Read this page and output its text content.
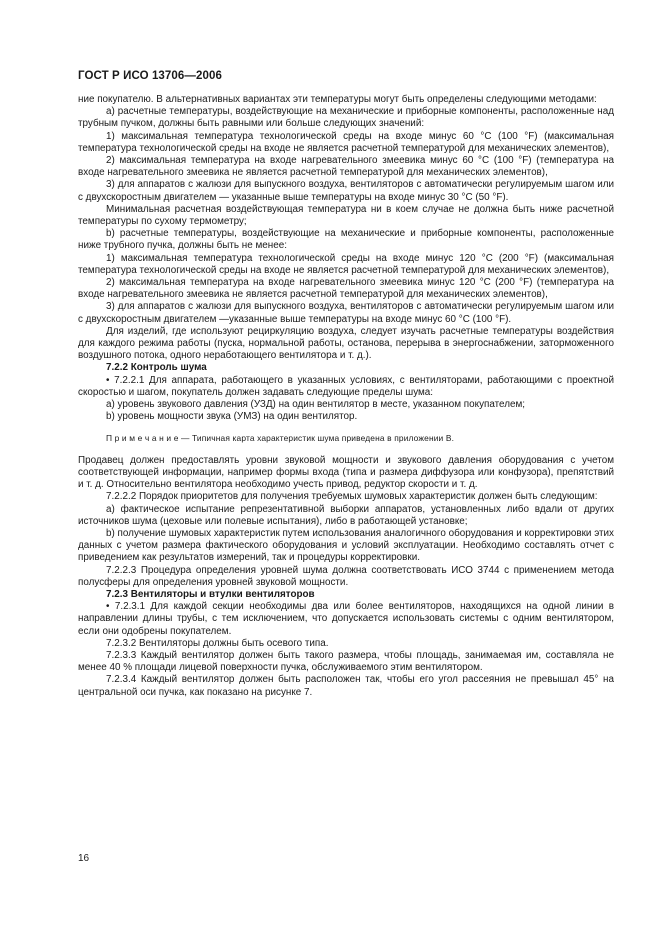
ГОСТ Р ИСО 13706—2006

ние покупателю. В альтернативных вариантах эти температуры могут быть определены следующими методами:

а) расчетные температуры, воздействующие на механические и приборные компоненты, расположенные над трубным пучком, должны быть равными или больше следующих значений:

1) максимальная температура технологической среды на входе минус 60 °С (100 °F) (максимальная температура технологической среды на входе не является расчетной температурой для механических элементов),

2) максимальная температура на входе нагревательного змеевика минус 60 °С (100 °F) (температура на входе нагревательного змеевика не является расчетной температурой для механических элементов),

3) для аппаратов с жалюзи для выпускного воздуха, вентиляторов с автоматически регулируемым шагом или с двухскоростным двигателем — указанные выше температуры на входе минус 30 °С (50 °F).

Минимальная расчетная воздействующая температура ни в коем случае не должна быть ниже расчетной температуры по сухому термометру;

b) расчетные температуры, воздействующие на механические и приборные компоненты, расположенные ниже трубного пучка, должны быть не менее:

1) максимальная температура технологической среды на входе минус 120 °С (200 °F) (максимальная температура технологической среды на входе не является расчетной температурой для механических элементов),

2) максимальная температура на входе нагревательного змеевика минус 120 °С (200 °F) (температура на входе нагревательного змеевика не является расчетной температурой для механических элементов),

3) для аппаратов с жалюзи для выпускного воздуха, вентиляторов с автоматически регулируемым шагом или с двухскоростным двигателем —указанные выше температуры на входе минус 60 °С (100 °F).

Для изделий, где используют рециркуляцию воздуха, следует изучать расчетные температуры воздействия для каждого режима работы (пуска, нормальной работы, останова, перерыва в энергоснабжении, заторможенного воздушного потока, одного неработающего вентилятора и т. д.).

7.2.2 Контроль шума

• 7.2.2.1 Для аппарата, работающего в указанных условиях, с вентиляторами, работающими с проектной скоростью и шагом, покупатель должен задавать следующие пределы шума:

а) уровень звукового давления (УЗД) на один вентилятор в месте, указанном покупателем;

b) уровень мощности звука (УМЗ) на один вентилятор.

П р и м е ч а н и е — Типичная карта характеристик шума приведена в приложении В.

Продавец должен предоставлять уровни звуковой мощности и звукового давления оборудования с учетом соответствующей информации, например формы входа (типа и размера диффузора или конфузора), препятствий и т. д. Относительно вентилятора необходимо учесть привод, редуктор скорости и т. д.

7.2.2.2 Порядок приоритетов для получения требуемых шумовых характеристик должен быть следующим:

а) фактическое испытание репрезентативной выборки аппаратов, установленных либо вдали от других источников шума (цеховые или полевые испытания), либо в работающей установке;

b) получение шумовых характеристик путем использования аналогичного оборудования и корректировки этих данных с учетом размера фактического оборудования и условий эксплуатации. Необходимо составлять отчет с приведением как результатов измерений, так и процедуры корректировки.

7.2.2.3 Процедура определения уровней шума должна соответствовать ИСО 3744 с применением метода полусферы для определения уровней звуковой мощности.

7.2.3 Вентиляторы и втулки вентиляторов

• 7.2.3.1 Для каждой секции необходимы два или более вентиляторов, находящихся на одной линии в направлении длины трубы, с тем исключением, что допускается использовать системы с одним вентилятором, если они одобрены покупателем.

7.2.3.2 Вентиляторы должны быть осевого типа.

7.2.3.3 Каждый вентилятор должен быть такого размера, чтобы площадь, занимаемая им, составляла не менее 40 % площади лицевой поверхности пучка, обслуживаемого этим вентилятором.

7.2.3.4 Каждый вентилятор должен быть расположен так, чтобы его угол рассеяния не превышал 45° на центральной оси пучка, как показано на рисунке 7.

16
